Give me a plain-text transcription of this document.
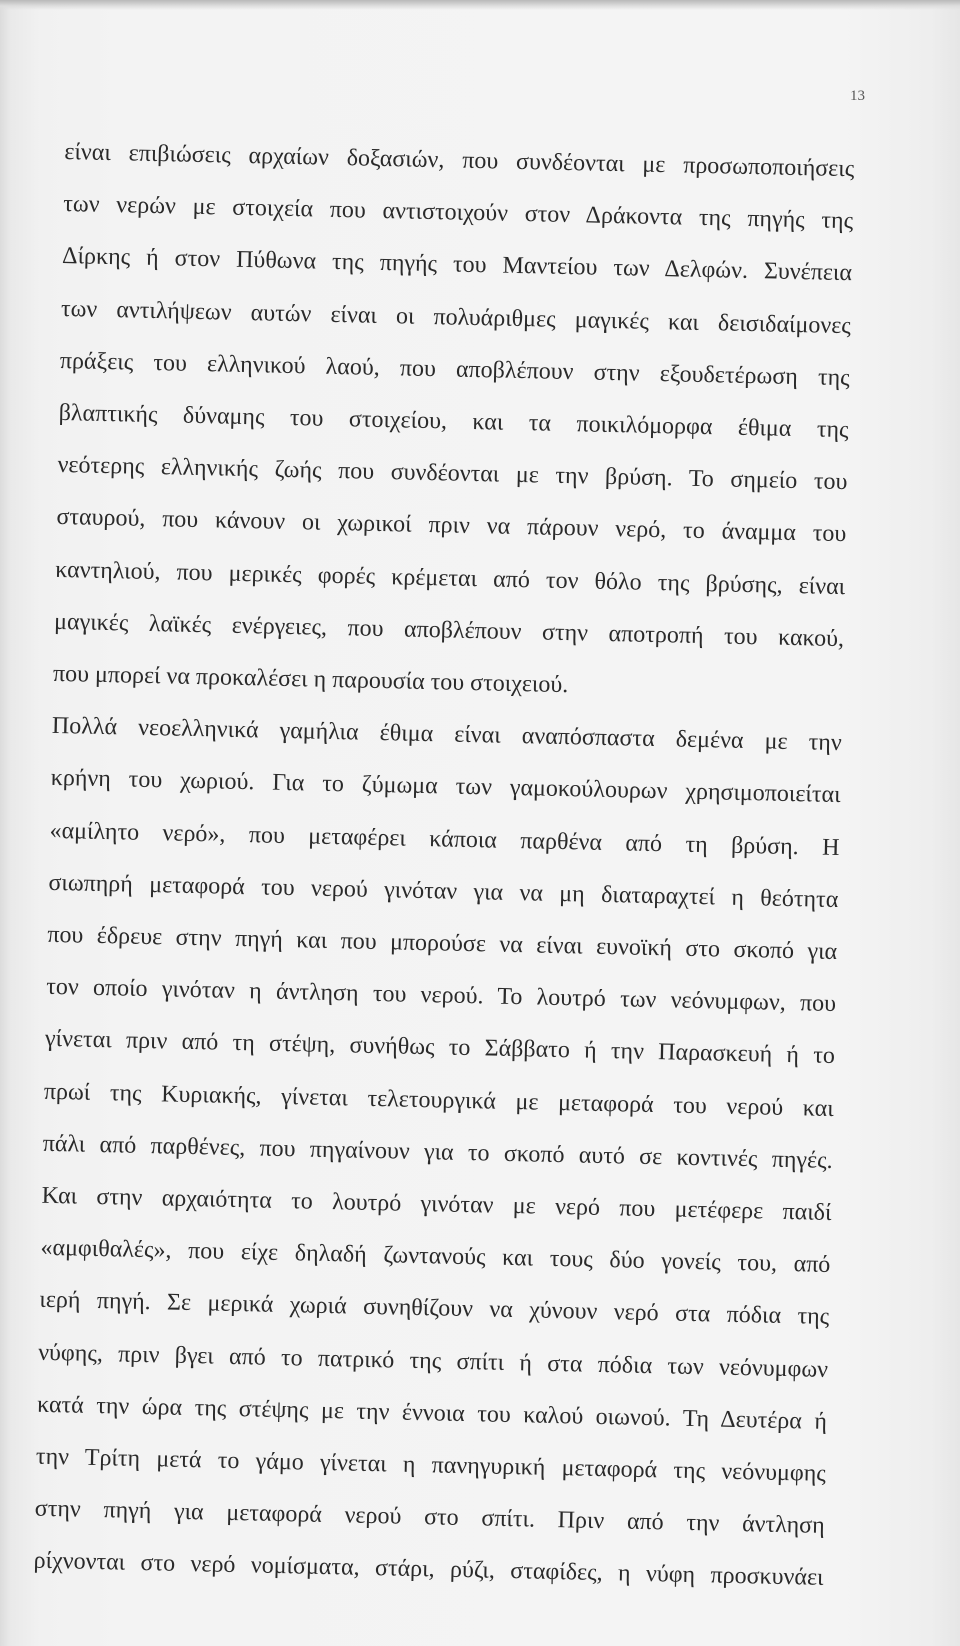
13
είναι επιβιώσεις αρχαίων δοξασιών, που συνδέονται με προσωποποιήσεις
των νερών με στοιχεία που αντιστοιχούν στον Δράκοντα της πηγής της
Δίρκης ή στον Πύθωνα της πηγής του Μαντείου των Δελφών. Συνέπεια
των αντιλήψεων αυτών είναι οι πολυάριθμες μαγικές και δεισιδαίμονες
πράξεις του ελληνικού λαού, που αποβλέπουν στην εξουδετέρωση της
βλαπτικής δύναμης του στοιχείου, και τα ποικιλόμορφα έθιμα της
νεότερης ελληνικής ζωής που συνδέονται με την βρύση. Το σημείο του
σταυρού, που κάνουν οι χωρικοί πριν να πάρουν νερό, το άναμμα του
καντηλιού, που μερικές φορές κρέμεται από τον θόλο της βρύσης, είναι
μαγικές λαϊκές ενέργειες, που αποβλέπουν στην αποτροπή του κακού,
που μπορεί να προκαλέσει η παρουσία του στοιχειού.
Πολλά νεοελληνικά γαμήλια έθιμα είναι αναπόσπαστα δεμένα με την
κρήνη του χωριού. Για το ζύμωμα των γαμοκούλουρων χρησιμοποιείται
«αμίλητο νερό», που μεταφέρει κάποια παρθένα από τη βρύση. Η
σιωπηρή μεταφορά του νερού γινόταν για να μη διαταραχτεί η θεότητα
που έδρευε στην πηγή και που μπορούσε να είναι ευνοϊκή στο σκοπό για
τον οποίο γινόταν η άντληση του νερού. Το λουτρό των νεόνυμφων, που
γίνεται πριν από τη στέψη, συνήθως το Σάββατο ή την Παρασκευή ή το
πρωί της Κυριακής, γίνεται τελετουργικά με μεταφορά του νερού και
πάλι από παρθένες, που πηγαίνουν για το σκοπό αυτό σε κοντινές πηγές.
Και στην αρχαιότητα το λουτρό γινόταν με νερό που μετέφερε παιδί
«αμφιθαλές», που είχε δηλαδή ζωντανούς και τους δύο γονείς του, από
ιερή πηγή. Σε μερικά χωριά συνηθίζουν να χύνουν νερό στα πόδια της
νύφης, πριν βγει από το πατρικό της σπίτι ή στα πόδια των νεόνυμφων
κατά την ώρα της στέψης με την έννοια του καλού οιωνού. Τη Δευτέρα ή
την Τρίτη μετά το γάμο γίνεται η πανηγυρική μεταφορά της νεόνυμφης
στην πηγή για μεταφορά νερού στο σπίτι. Πριν από την άντληση
ρίχνονται στο νερό νομίσματα, στάρι, ρύζι, σταφίδες, η νύφη προσκυνάει
